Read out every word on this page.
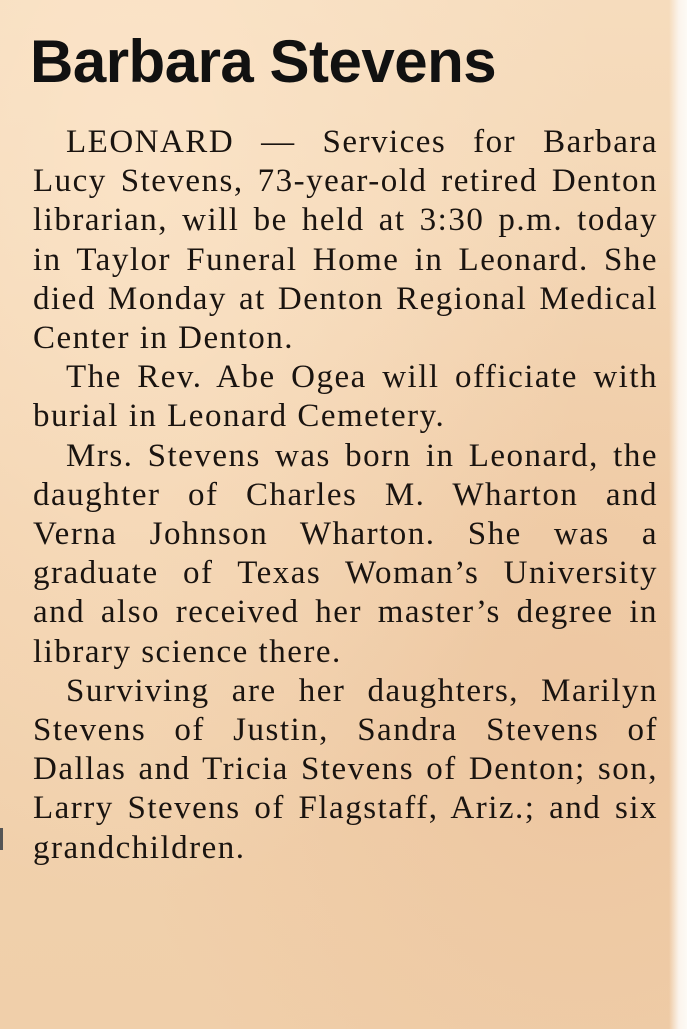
Barbara Stevens

LEONARD — Services for Barbara Lucy Stevens, 73-year-old retired Denton librarian, will be held at 3:30 p.m. today in Taylor Funeral Home in Leonard. She died Monday at Denton Regional Medical Center in Denton.

The Rev. Abe Ogea will officiate with burial in Leonard Cemetery.

Mrs. Stevens was born in Leonard, the daughter of Charles M. Wharton and Verna Johnson Wharton. She was a graduate of Texas Woman’s University and also received her master’s degree in library science there.

Surviving are her daughters, Marilyn Stevens of Justin, Sandra Stevens of Dallas and Tricia Stevens of Denton; son, Larry Stevens of Flagstaff, Ariz.; and six grandchildren.
